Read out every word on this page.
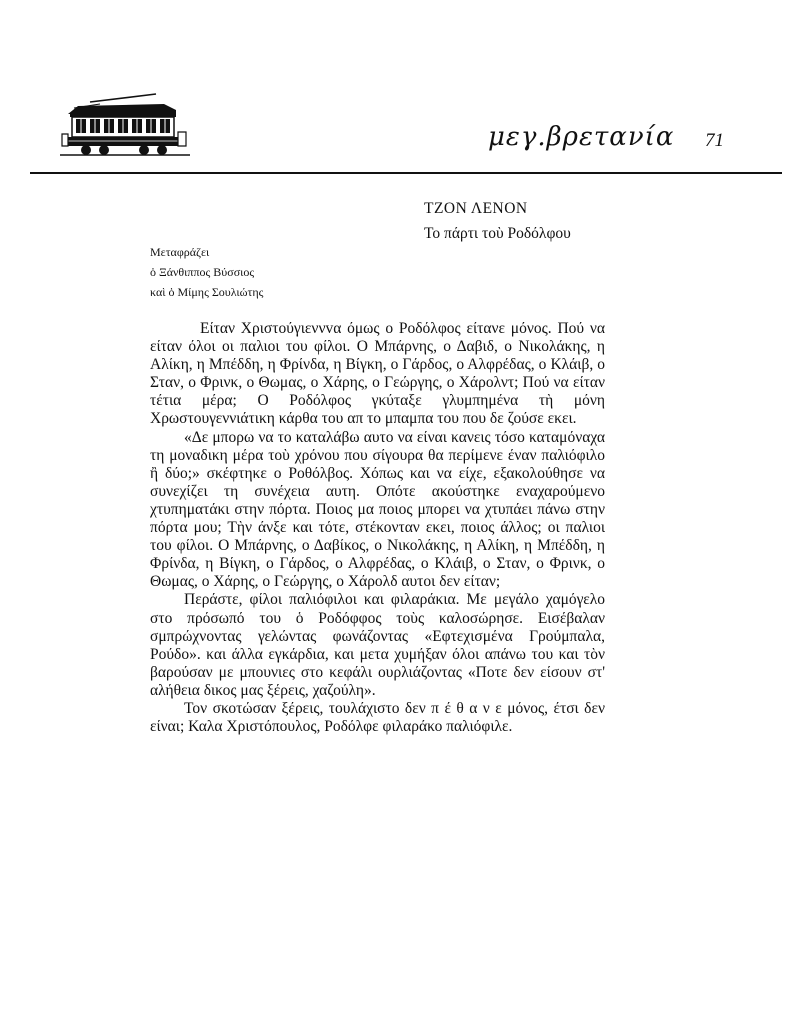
μεγ.βρετανία 71
ΤΖΟΝ ΛΕΝΟΝ
Το πάρτι τοὺ Ροδόλφου
Μεταφράζει
ὁ Ξάνθιππος Βύσσιος
καὶ ὁ Μίμης Σουλιώτης

Είταν Χριστούγιεννvα όμως ο Ροδόλφος είτανε μόνος. Πού να είταν όλοι οι παλιοι του φίλοι. Ο Μπάρνης, ο Δαβιδ, ο Νικολάκης, η Αλίκη, η Μπέδδη, η Φρίνδα, η Βίγκη, ο Γάρδος, ο Αλφρέδας, ο Κλάιβ, ο Σταν, ο Φρινκ, ο Θωμας, ο Χάρης, ο Γεώργης, ο Χάρολντ; Πού να είταν τέτια μέρα; Ο Ροδόλφος γκύταξε γλυμπημένα τὴ μόνη Χρωστουγεννιάτικη κάρθα του απ το μπαμπα του που δε ζούσε εκει.

«Δε μπορω να το καταλάβω αυτο να είναι κανεις τόσο καταμόναχα τη μοναδικη μέρα τοὺ χρόνου που σίγουρα θα περίμενε έναν παλιόφιλο ἢ δύο;» σκέφτηκε ο Ροθόλβος. Χόπως και να είχε, εξακολούθησε να συνεχίζει τη συνέχεια αυτη. Οπότε ακούστηκε εναχαρούμενο χτυπηματάκι στην πόρτα. Ποιος μα ποιος μπορει να χτυπάει πάνω στην πόρτα μου; Τὴν άνξε και τότε, στέκονταν εκει, ποιος άλλος; οι παλιοι του φίλοι. Ο Μπάρνης, ο Δαβίκος, ο Νικολάκης, η Αλίκη, η Μπέδδη, η Φρίνδα, η Βίγκη, ο Γάρδος, ο Αλφρέδας, ο Κλάιβ, ο Σταν, ο Φρινκ, ο Θωμας, ο Χάρης, ο Γεώργης, ο Χάρολδ αυτοι δεν είταν;

Περάστε, φίλοι παλιόφιλοι και φιλαράκια. Με μεγάλο χαμόγελο στο πρόσωπό του ὁ Ροδόφφος τοὺς καλοσώρησε. Εισέβαλαν σμπρώχνοντας γελώντας φωνάζοντας «Εφτεχισμένα Γρούμπαλα, Ρούδο». και άλλα εγκάρδια, και μετα χυμήξαν όλοι απάνω του και τὸν βαρούσαν με μπουνιες στο κεφάλι ουρλιάζοντας «Ποτε δεν είσουν στ' αλήθεια δικος μας ξέρεις, χαζούλη».

Τον σκοτώσαν ξέρεις, τουλάχιστο δεν π έ θ α ν ε μόνος, έτσι δεν είναι; Καλα Χριστόπουλος, Ροδόλφε φιλαράκο παλιόφιλε.
